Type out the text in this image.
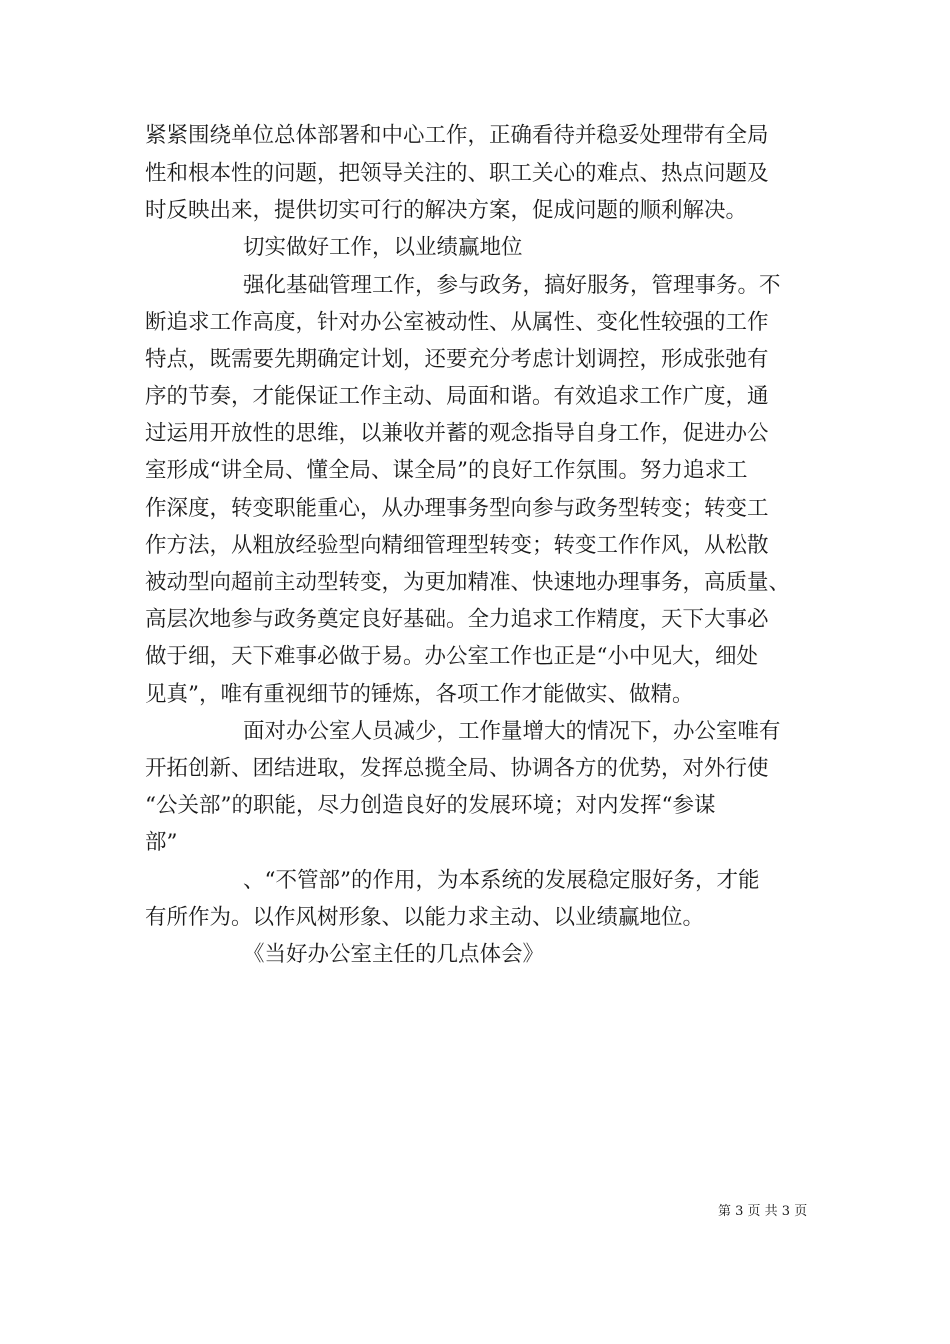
紧紧围绕单位总体部署和中心工作，正确看待并稳妥处理带有全局
性和根本性的问题，把领导关注的、职工关心的难点、热点问题及
时反映出来，提供切实可行的解决方案，促成问题的顺利解决。
切实做好工作，以业绩赢地位
强化基础管理工作，参与政务，搞好服务，管理事务。不
断追求工作高度，针对办公室被动性、从属性、变化性较强的工作
特点，既需要先期确定计划，还要充分考虑计划调控，形成张弛有
序的节奏，才能保证工作主动、局面和谐。有效追求工作广度，通
过运用开放性的思维，以兼收并蓄的观念指导自身工作，促进办公
室形成“讲全局、懂全局、谋全局”的良好工作氛围。努力追求工
作深度，转变职能重心，从办理事务型向参与政务型转变；转变工
作方法，从粗放经验型向精细管理型转变；转变工作作风，从松散
被动型向超前主动型转变，为更加精准、快速地办理事务，高质量、
高层次地参与政务奠定良好基础。全力追求工作精度，天下大事必
做于细，天下难事必做于易。办公室工作也正是“小中见大，细处
见真”，唯有重视细节的锤炼，各项工作才能做实、做精。
面对办公室人员减少，工作量增大的情况下，办公室唯有
开拓创新、团结进取，发挥总揽全局、协调各方的优势，对外行使
“公关部”的职能，尽力创造良好的发展环境；对内发挥“参谋
部”
、“不管部”的作用，为本系统的发展稳定服好务，才能
有所作为。以作风树形象、以能力求主动、以业绩赢地位。
《当好办公室主任的几点体会》
第 3 页 共 3 页
